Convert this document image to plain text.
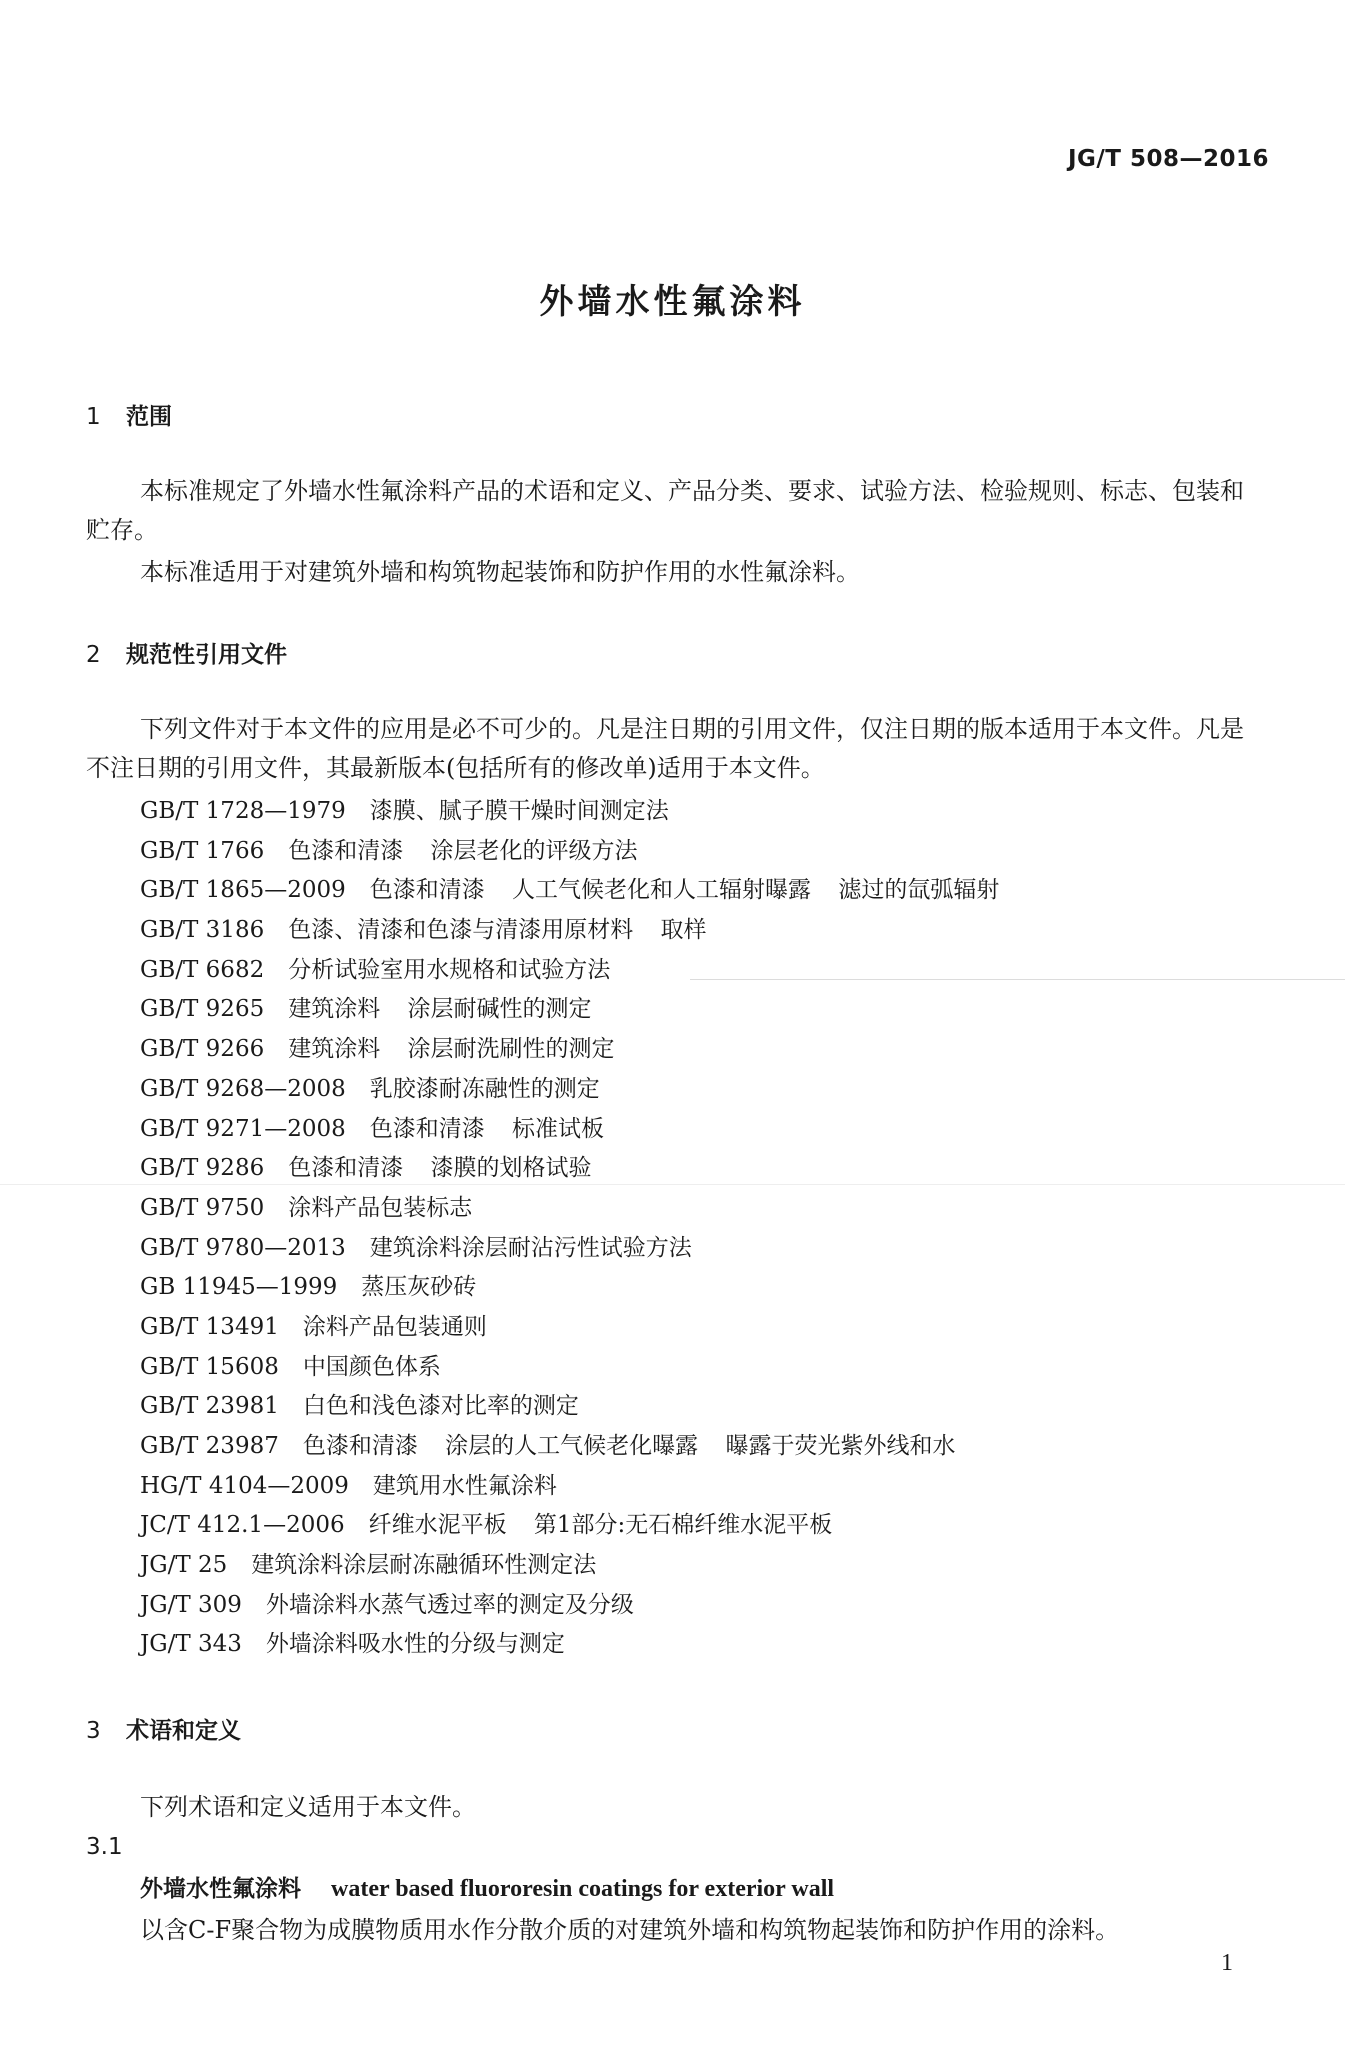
JG/T 508—2016
外墙水性氟涂料
1 范围
本标准规定了外墙水性氟涂料产品的术语和定义、产品分类、要求、试验方法、检验规则、标志、包装和贮存。
本标准适用于对建筑外墙和构筑物起装饰和防护作用的水性氟涂料。
2 规范性引用文件
下列文件对于本文件的应用是必不可少的。凡是注日期的引用文件，仅注日期的版本适用于本文件。凡是不注日期的引用文件，其最新版本(包括所有的修改单)适用于本文件。
GB/T 1728—1979 漆膜、腻子膜干燥时间测定法
GB/T 1766 色漆和清漆 涂层老化的评级方法
GB/T 1865—2009 色漆和清漆 人工气候老化和人工辐射曝露 滤过的氙弧辐射
GB/T 3186 色漆、清漆和色漆与清漆用原材料 取样
GB/T 6682 分析试验室用水规格和试验方法
GB/T 9265 建筑涂料 涂层耐碱性的测定
GB/T 9266 建筑涂料 涂层耐洗刷性的测定
GB/T 9268—2008 乳胶漆耐冻融性的测定
GB/T 9271—2008 色漆和清漆 标准试板
GB/T 9286 色漆和清漆 漆膜的划格试验
GB/T 9750 涂料产品包装标志
GB/T 9780—2013 建筑涂料涂层耐沾污性试验方法
GB 11945—1999 蒸压灰砂砖
GB/T 13491 涂料产品包装通则
GB/T 15608 中国颜色体系
GB/T 23981 白色和浅色漆对比率的测定
GB/T 23987 色漆和清漆 涂层的人工气候老化曝露 曝露于荧光紫外线和水
HG/T 4104—2009 建筑用水性氟涂料
JC/T 412.1—2006 纤维水泥平板 第1部分:无石棉纤维水泥平板
JG/T 25 建筑涂料涂层耐冻融循环性测定法
JG/T 309 外墙涂料水蒸气透过率的测定及分级
JG/T 343 外墙涂料吸水性的分级与测定
3 术语和定义
下列术语和定义适用于本文件。
3.1
外墙水性氟涂料 water based fluororesin coatings for exterior wall
以含C-F聚合物为成膜物质用水作分散介质的对建筑外墙和构筑物起装饰和防护作用的涂料。
1
